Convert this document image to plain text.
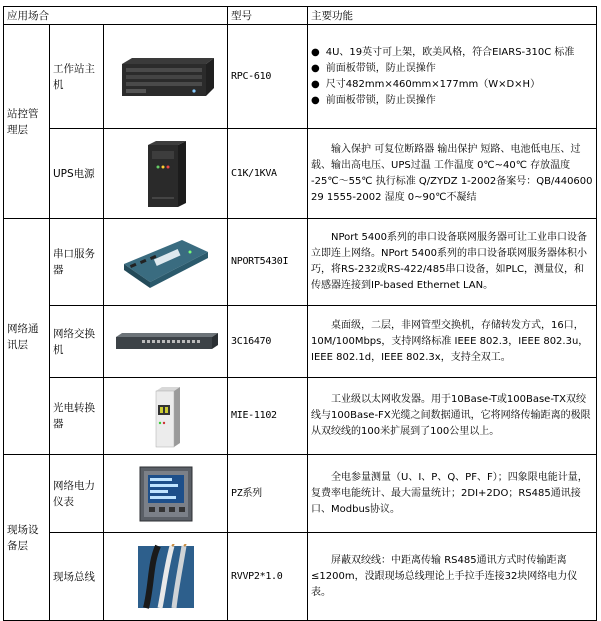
应用场合			型号	主要功能
站控管理层	工作站主机		RPC-610	● 4U、19英寸可上架，欧美风格，符合EIARS-310C 标准

● 前面板带锁，防止误操作

● 尺寸482mm×460mm×177mm（W×D×H）

● 前面板带锁，防止误操作

	UPS电源		C1K/1KVA	输入保护 可复位断路器 输出保护 短路、电池低电压、过载、输出高电压、UPS过温 工作温度 0℃~40℃ 存放温度 -25℃～55℃ 执行标准 Q/ZYDZ 1-2002备案号：QB/440600 29 1555-2002 湿度 0~90℃不凝结

网络通讯层	串口服务器		NPORT5430I	NPort 5400系列的串口设备联网服务器可让工业串口设备立即连上网络。NPort 5400系列的串口设备联网服务器体积小巧，将RS-232或RS-422/485串口设备，如PLC，测量仪，和传感器连接到IP-based Ethernet LAN。

	网络交换机		3C16470	桌面级，二层，非网管型交换机，存储转发方式，16口，10M/100Mbps，支持网络标准 IEEE 802.3，IEEE 802.3u，IEEE 802.1d，IEEE 802.3x，支持全双工。

	光电转换器		MIE-1102	工业级以太网收发器。用于10Base-T或100Base-TX双绞线与100Base-FX光缆之间数据通讯，它将网络传输距离的极限从双绞线的100米扩展到了100公里以上。

现场设备层	网络电力仪表		PZ系列	全电参量测量（U、I、P、Q、PF、F）；四象限电能计量，复费率电能统计、最大需量统计；2DI+2DO；RS485通讯接口、Modbus协议。

	现场总线		RVVP2*1.0	屏蔽双绞线：中距离传输 RS485通讯方式时传输距离≤1200m，没跟现场总线理论上手拉手连接32块网络电力仪表。
